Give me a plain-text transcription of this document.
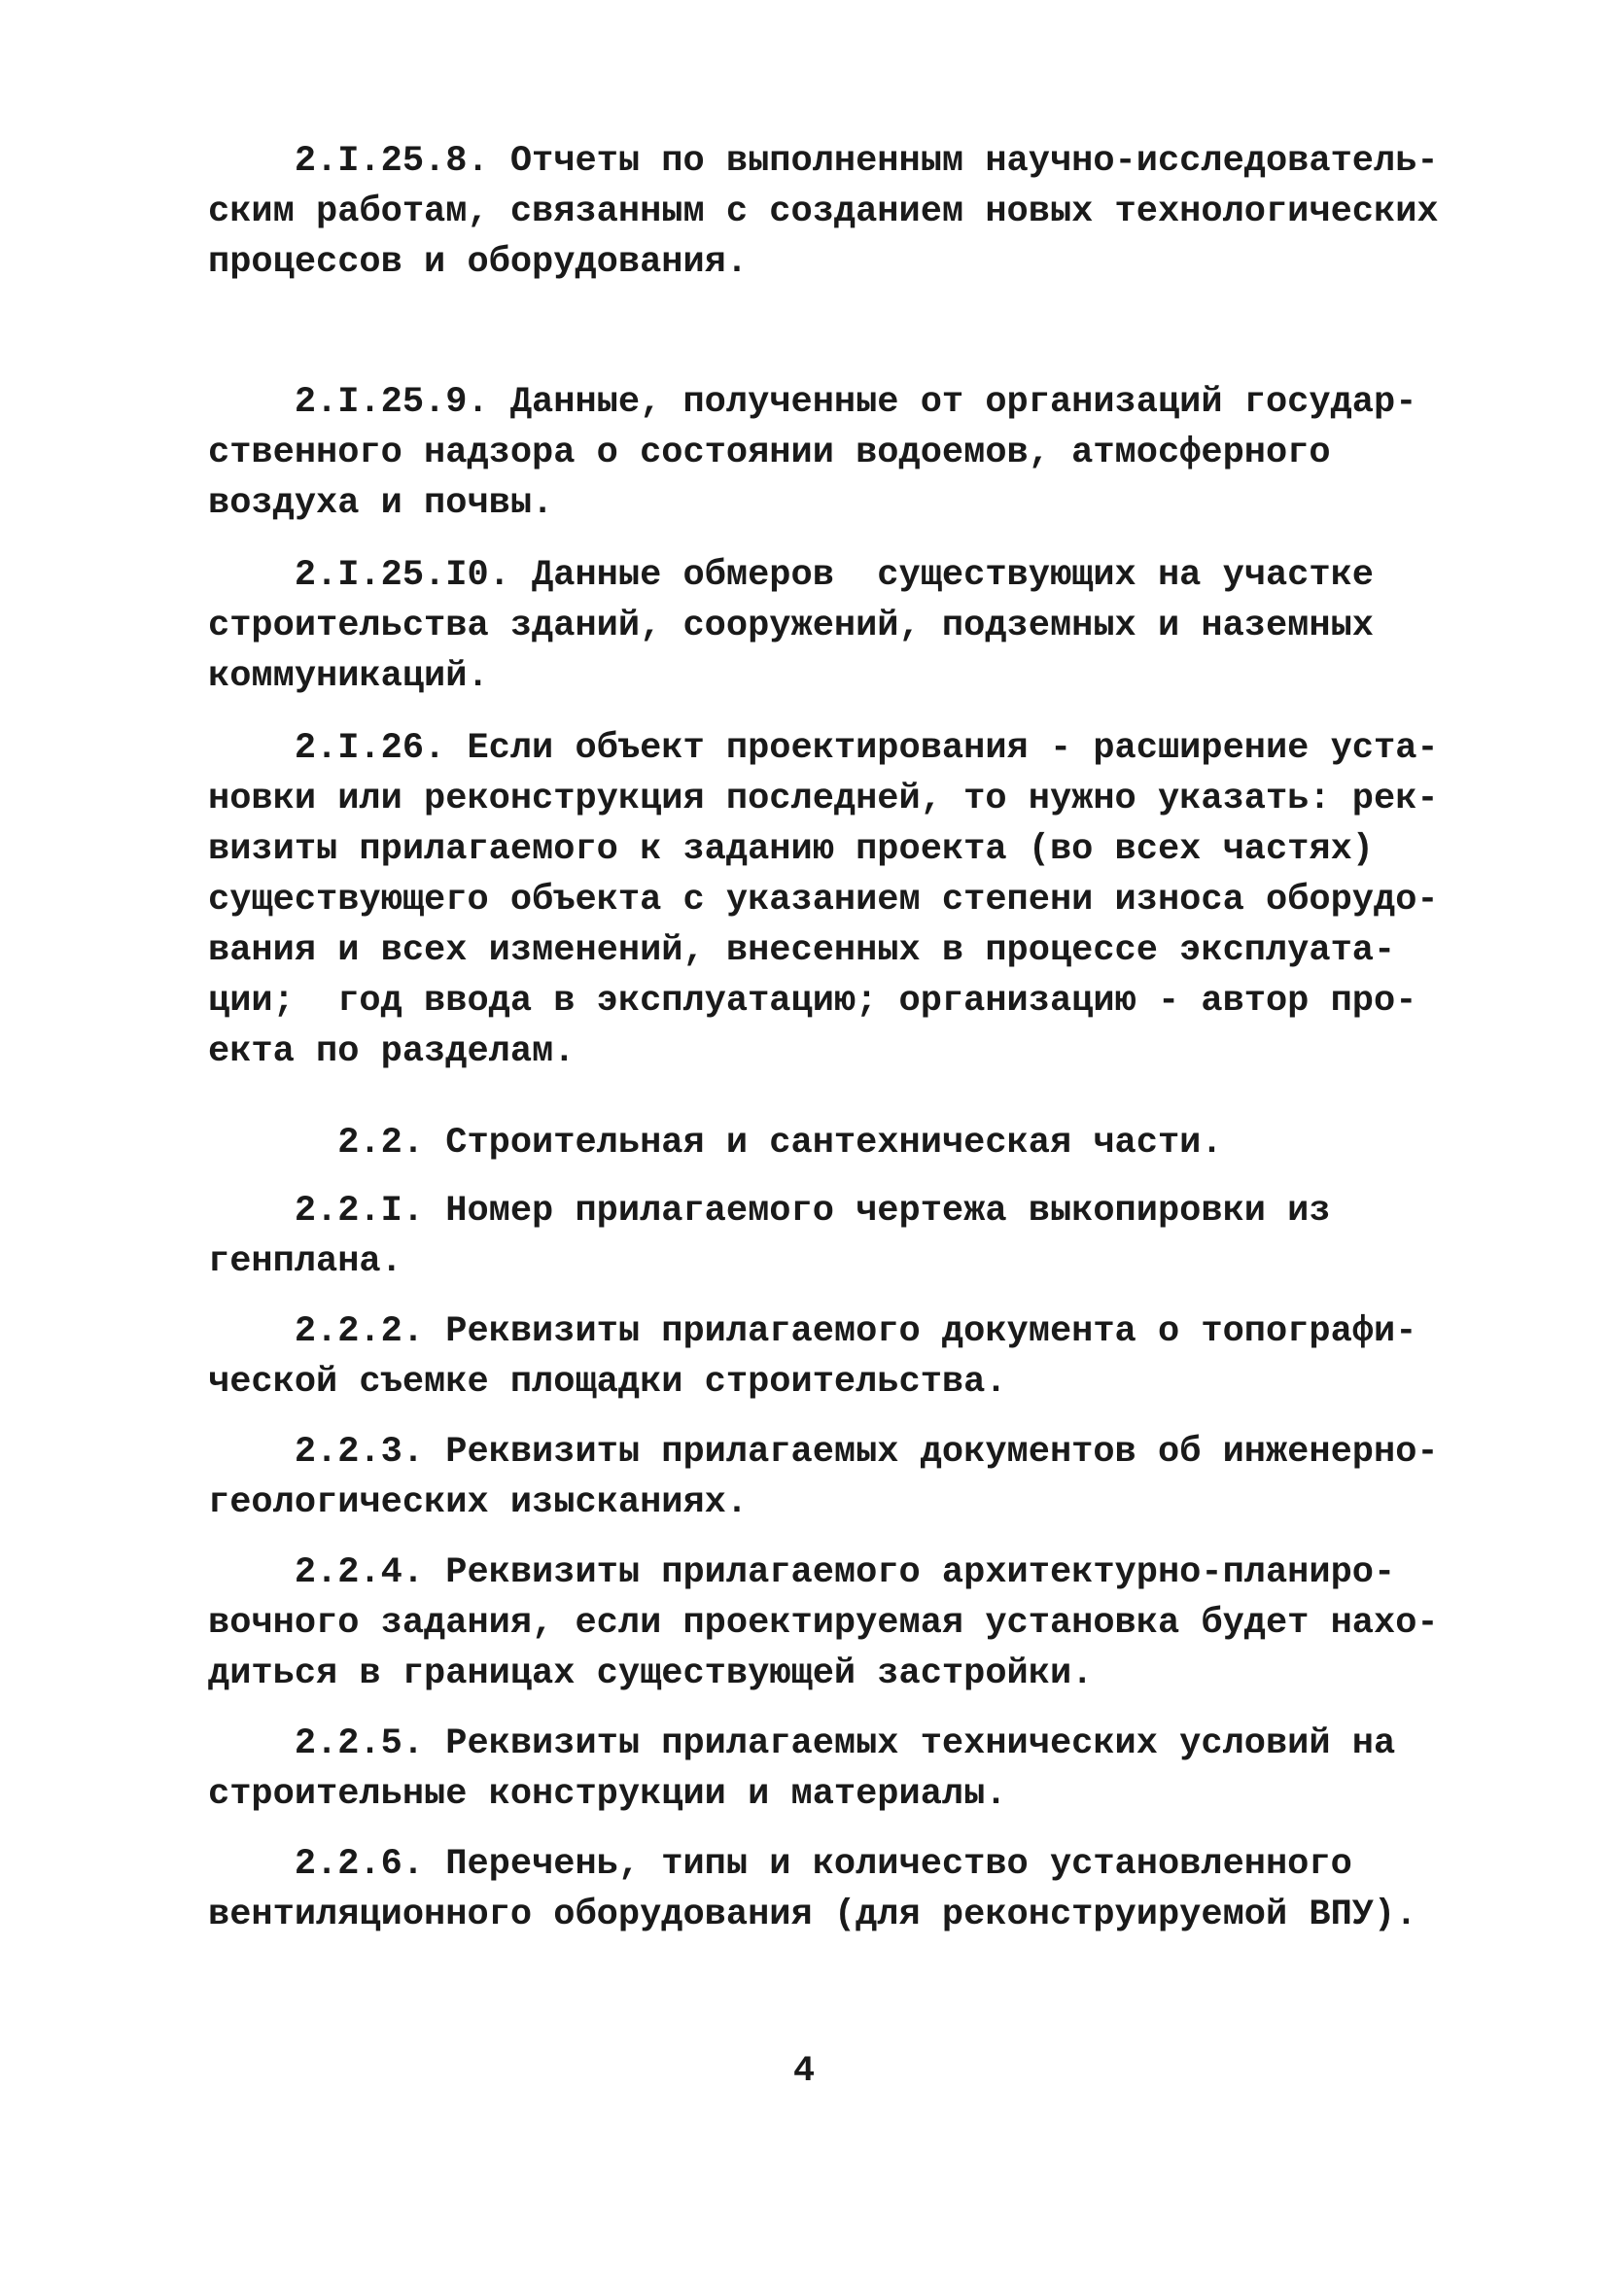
2.I.25.8. Отчеты по выполненным научно-исследователь-
ским работам, связанным с созданием новых технологических
процессов и оборудования.
2.I.25.9. Данные, полученные от организаций государ-
ственного надзора о состоянии водоемов, атмосферного
воздуха и почвы.
2.I.25.I0. Данные обмеров  существующих на участке
строительства зданий, сооружений, подземных и наземных
коммуникаций.
2.I.26. Если объект проектирования - расширение уста-
новки или реконструкция последней, то нужно указать: рек-
визиты прилагаемого к заданию проекта (во всех частях)
существующего объекта с указанием степени износа оборудо-
вания и всех изменений, внесенных в процессе эксплуата-
ции;  год ввода в эксплуатацию; организацию - автор про-
екта по разделам.
2.2. Строительная и сантехническая части.
2.2.I. Номер прилагаемого чертежа выкопировки из
генплана.
2.2.2. Реквизиты прилагаемого документа о топографи-
ческой съемке площадки строительства.
2.2.3. Реквизиты прилагаемых документов об инженерно-
геологических изысканиях.
2.2.4. Реквизиты прилагаемого архитектурно-планиро-
вочного задания, если проектируемая установка будет нахо-
диться в границах существующей застройки.
2.2.5. Реквизиты прилагаемых технических условий на
строительные конструкции и материалы.
2.2.6. Перечень, типы и количество установленного
вентиляционного оборудования (для реконструируемой ВПУ).
4
